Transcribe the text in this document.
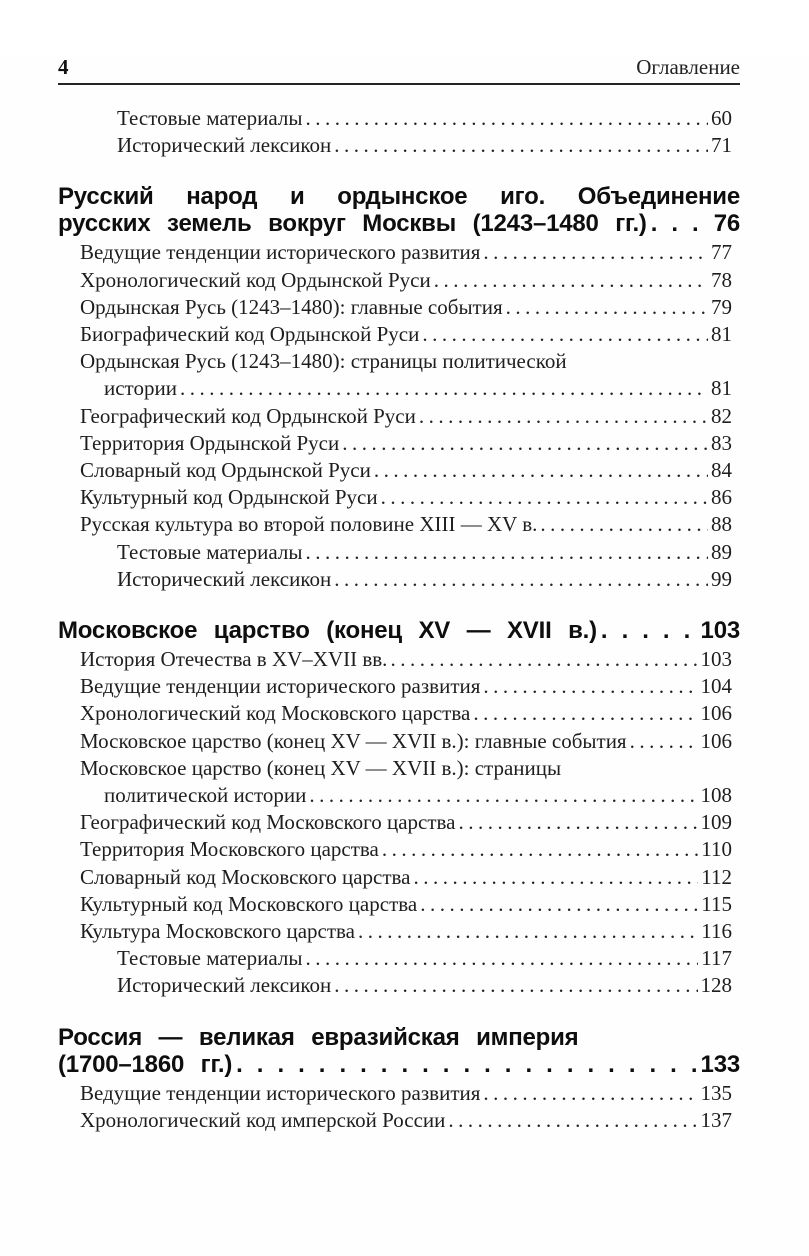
4	Оглавление
Тестовые материалы .....	60
Исторический лексикон .....	71
Русский народ и ордынское иго. Объединение
русских земель вокруг Москвы (1243–1480 гг.) .....	76
Ведущие тенденции исторического развития .....	77
Хронологический код Ордынской Руси .....	78
Ордынская Русь (1243–1480): главные события .....	79
Биографический код Ордынской Руси .....	81
Ордынская Русь (1243–1480): страницы политической
истории .....	81
Географический код Ордынской Руси .....	82
Территория Ордынской Руси .....	83
Словарный код Ордынской Руси .....	84
Культурный код Ордынской Руси .....	86
Русская культура во второй половине XIII — XV в. .....	88
Тестовые материалы .....	89
Исторический лексикон .....	99
Московское царство (конец XV — XVII в.) .....	103
История Отечества в XV–XVII вв. .....	103
Ведущие тенденции исторического развития .....	104
Хронологический код Московского царства .....	106
Московское царство (конец XV — XVII в.): главные события .....	106
Московское царство (конец XV — XVII в.): страницы
политической истории .....	108
Географический код Московского царства .....	109
Территория Московского царства .....	110
Словарный код Московского царства .....	112
Культурный код Московского царства .....	115
Культура Московского царства .....	116
Тестовые материалы .....	117
Исторический лексикон .....	128
Россия — великая евразийская империя
(1700–1860 гг.) .....	133
Ведущие тенденции исторического развития .....	135
Хронологический код имперской России .....	137
